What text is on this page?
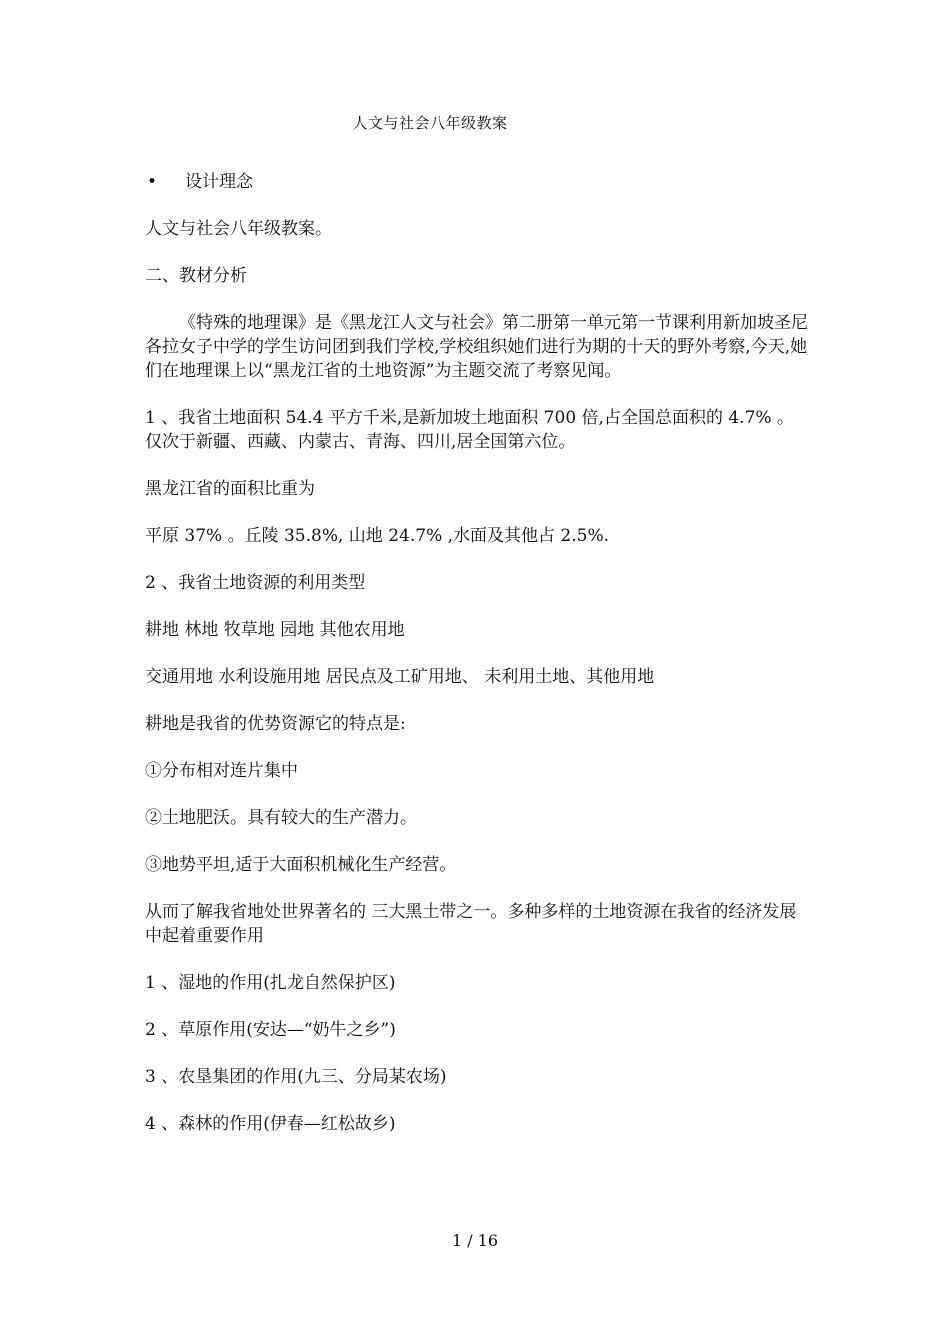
人文与社会八年级教案
•	设计理念

人文与社会八年级教案。

二、教材分析

《特殊的地理课》是《黑龙江人文与社会》第二册第一单元第一节课利用新加坡圣尼各拉女子中学的学生访问团到我们学校,学校组织她们进行为期的十天的野外考察,今天,她们在地理课上以“黑龙江省的土地资源”为主题交流了考察见闻。

1 、我省土地面积 54.4 平方千米,是新加坡土地面积 700 倍,占全国总面积的 4.7% 。仅次于新疆、西藏、内蒙古、青海、四川,居全国第六位。

黑龙江省的面积比重为

平原 37% 。丘陵 35.8%, 山地 24.7% ,水面及其他占 2.5%.

2 、我省土地资源的利用类型

耕地 林地 牧草地 园地 其他农用地

交通用地 水利设施用地 居民点及工矿用地、 未利用土地、其他用地

耕地是我省的优势资源它的特点是:

①分布相对连片集中

②土地肥沃。具有较大的生产潜力。

③地势平坦,适于大面积机械化生产经营。

从而了解我省地处世界著名的 三大黑土带之一。多种多样的土地资源在我省的经济发展中起着重要作用

1 、湿地的作用(扎龙自然保护区)

2 、草原作用(安达—“奶牛之乡”)

3 、农垦集团的作用(九三、分局某农场)

4 、森林的作用(伊春—红松故乡)

1 / 16
